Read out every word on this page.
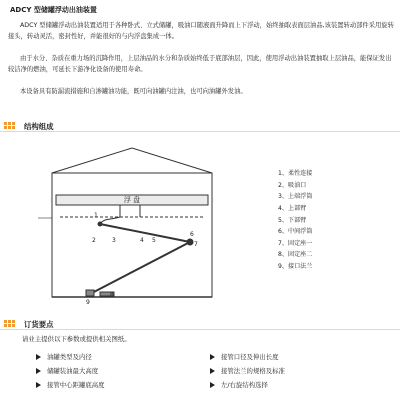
ADCY 型储罐浮动出油装置

ADCY 型储罐浮动出油装置适用于各种卧式、立式储罐，吸油口随液面升降而上下浮动，始终抽取表面层油品,该装置转动部件采用旋转接头，转动灵活，密封性好，并能很好的与内浮盘集成一体。

由于水分、杂质在重力场的沉降作用，上层油品的水分和杂质始终低于底部油层，因此，使用浮动出油装置抽取上层油品，能保证发出较洁净的燃油，可延长下游净化设备的使用寿命。

本设备具有防漏流措施和自渗罐油功能，既可向油罐内注油，也可向油罐外发油。

结构组成
浮 盘
1
2	3	4 5
6
7
8
9
1、柔性连接
2、吸油口
3、上端浮筒
4、上部臂
5、下部臂
6、中间浮筒
7、固定座一
8、固定座二
9、接口法兰
订货要点
请业主提供以下参数或提供相关图纸。
油罐类型及内径
储罐装油最大高度
接管中心距罐底高度
接管口径及伸出长度
接管法兰的规格及标准
左/右旋结构选择
